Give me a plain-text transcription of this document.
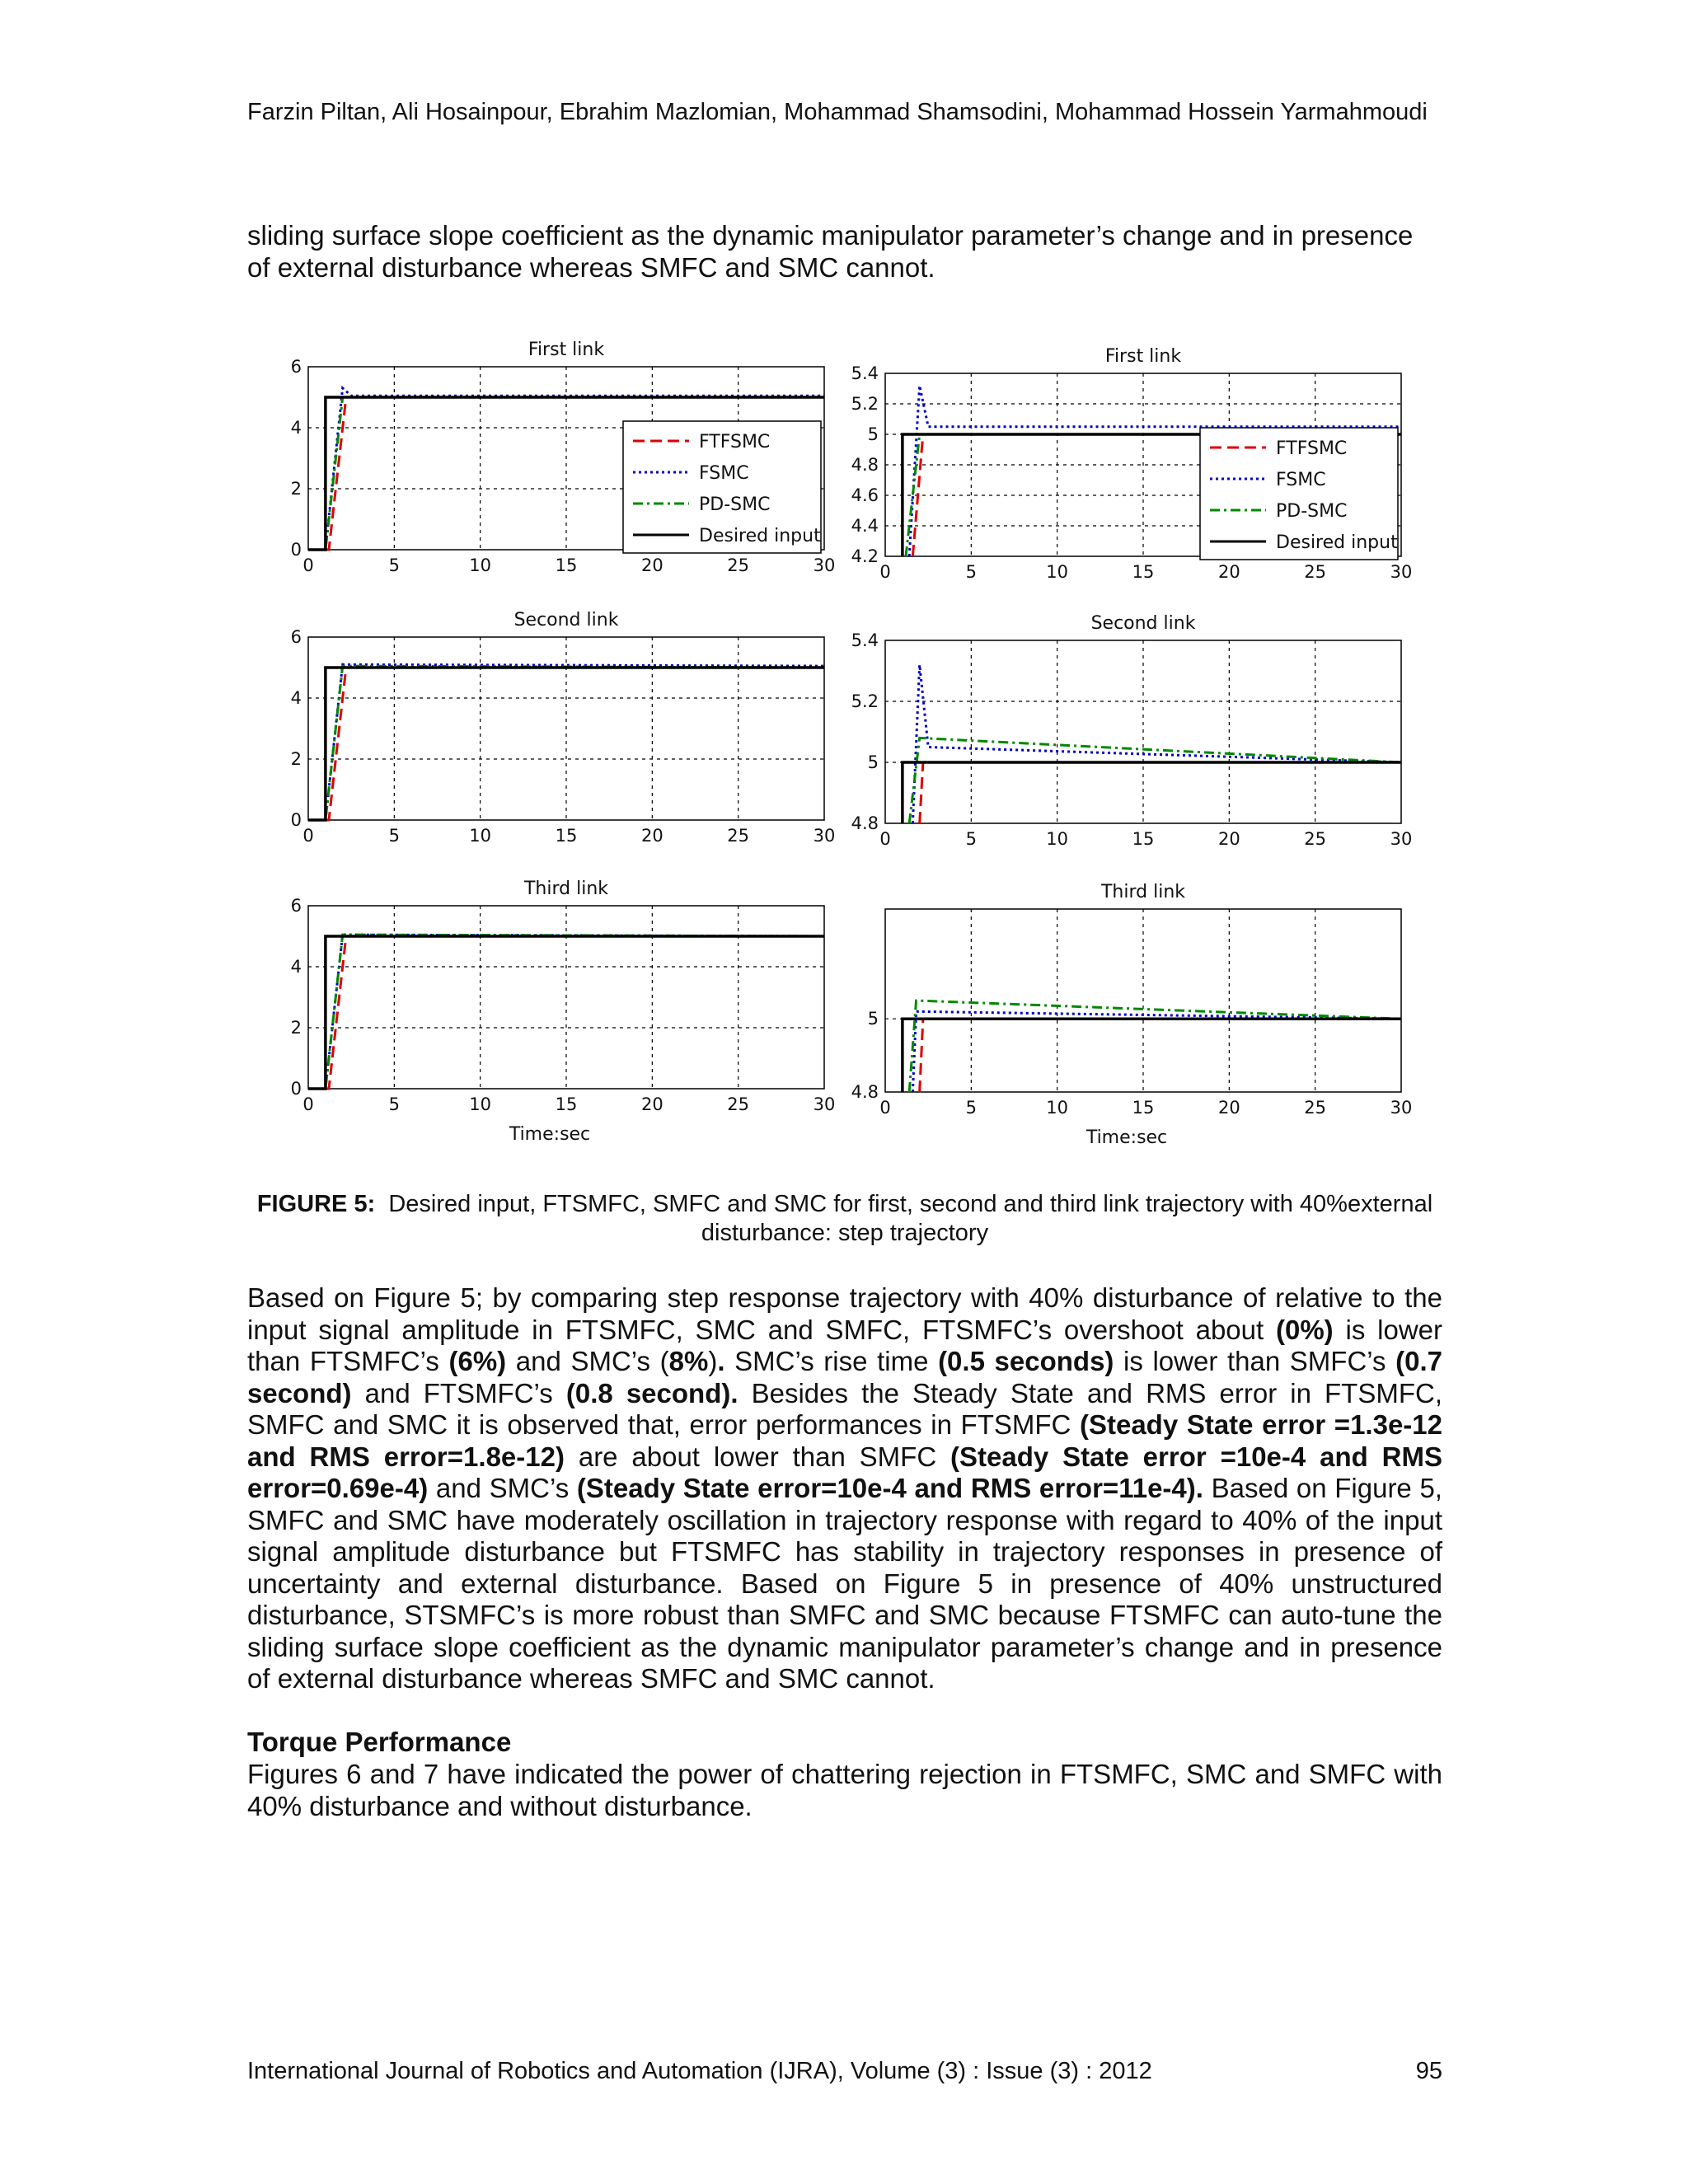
Farzin Piltan, Ali Hosainpour, Ebrahim Mazlomian, Mohammad Shamsodini, Mohammad Hossein Yarmahmoudi
sliding surface slope coefficient as the dynamic manipulator parameter’s change and in presence of external disturbance whereas SMFC and SMC cannot.
First link
0	5	10	15	20	25	30
0
2
4
6
FTFSMC
FSMC
PD-SMC
Desired input
First link
0	5	10	15	20	25	30
4.2
4.4
4.6
4.8
5
5.2
5.4
FTFSMC
FSMC
PD-SMC
Desired input
Second link
0	5	10	15	20	25	30
0
2
4
6
Second link
0	5	10	15	20	25	30
4.8
5
5.2
5.4
Third link
0	5	10	15	20	25	30
0
2
4
6
Time:sec
Third link
0	5	10	15	20	25	30
4.8
5
Time:sec
FIGURE 5: Desired input, FTSMFC, SMFC and SMC for first, second and third link trajectory with 40%external disturbance: step trajectory

Based on Figure 5; by comparing step response trajectory with 40% disturbance of relative to the input signal amplitude in FTSMFC, SMC and SMFC, FTSMFC’s overshoot about (0%) is lower than FTSMFC’s (6%) and SMC’s (8%). SMC’s rise time (0.5 seconds) is lower than SMFC’s (0.7 second) and FTSMFC’s (0.8 second). Besides the Steady State and RMS error in FTSMFC, SMFC and SMC it is observed that, error performances in FTSMFC (Steady State error =1.3e-12 and RMS error=1.8e-12) are about lower than SMFC (Steady State error =10e-4 and RMS error=0.69e-4) and SMC’s (Steady State error=10e-4 and RMS error=11e-4). Based on Figure 5, SMFC and SMC have moderately oscillation in trajectory response with regard to 40% of the input signal amplitude disturbance but FTSMFC has stability in trajectory responses in presence of uncertainty and external disturbance. Based on Figure 5 in presence of 40% unstructured disturbance, STSMFC’s is more robust than SMFC and SMC because FTSMFC can auto-tune the sliding surface slope coefficient as the dynamic manipulator parameter’s change and in presence of external disturbance whereas SMFC and SMC cannot.

Torque Performance
Figures 6 and 7 have indicated the power of chattering rejection in FTSMFC, SMC and SMFC with 40% disturbance and without disturbance.
International Journal of Robotics and Automation (IJRA), Volume (3) : Issue (3) : 2012	95
